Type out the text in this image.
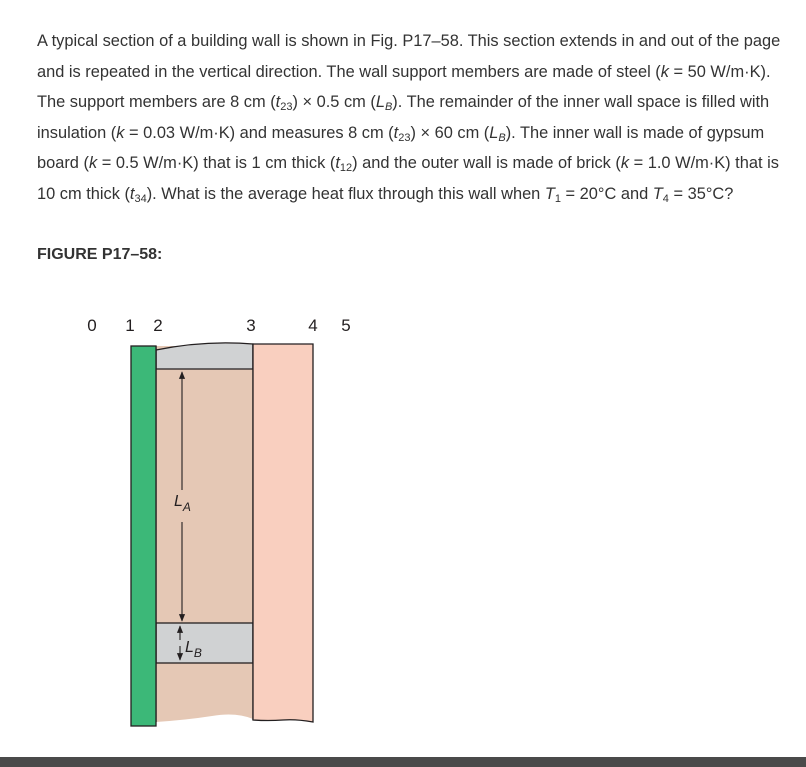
A typical section of a building wall is shown in Fig. P17–58. This section extends in and out of the page and is repeated in the vertical direction. The wall support members are made of steel (k = 50 W/m·K). The support members are 8 cm $(t_{23}) \times 0.5$ cm $(L_B)$. The remainder of the inner wall space is filled with insulation (k = 0.03 W/m·K) and measures 8 cm $(t_{23}) \times 60$ cm $(L_B)$. The inner wall is made of gypsum board (k = 0.5 W/m·K) that is 1 cm thick $(t_{12})$ and the outer wall is made of brick (k = 1.0 W/m·K) that is 10 cm thick $(t_{34})$. What is the average heat flux through this wall when $T_1 = 20^\circ C$ and $T_4 = 35^\circ C$?

FIGURE P17–58:

0 1 2	3	4 5
$L_A$
$L_B$
